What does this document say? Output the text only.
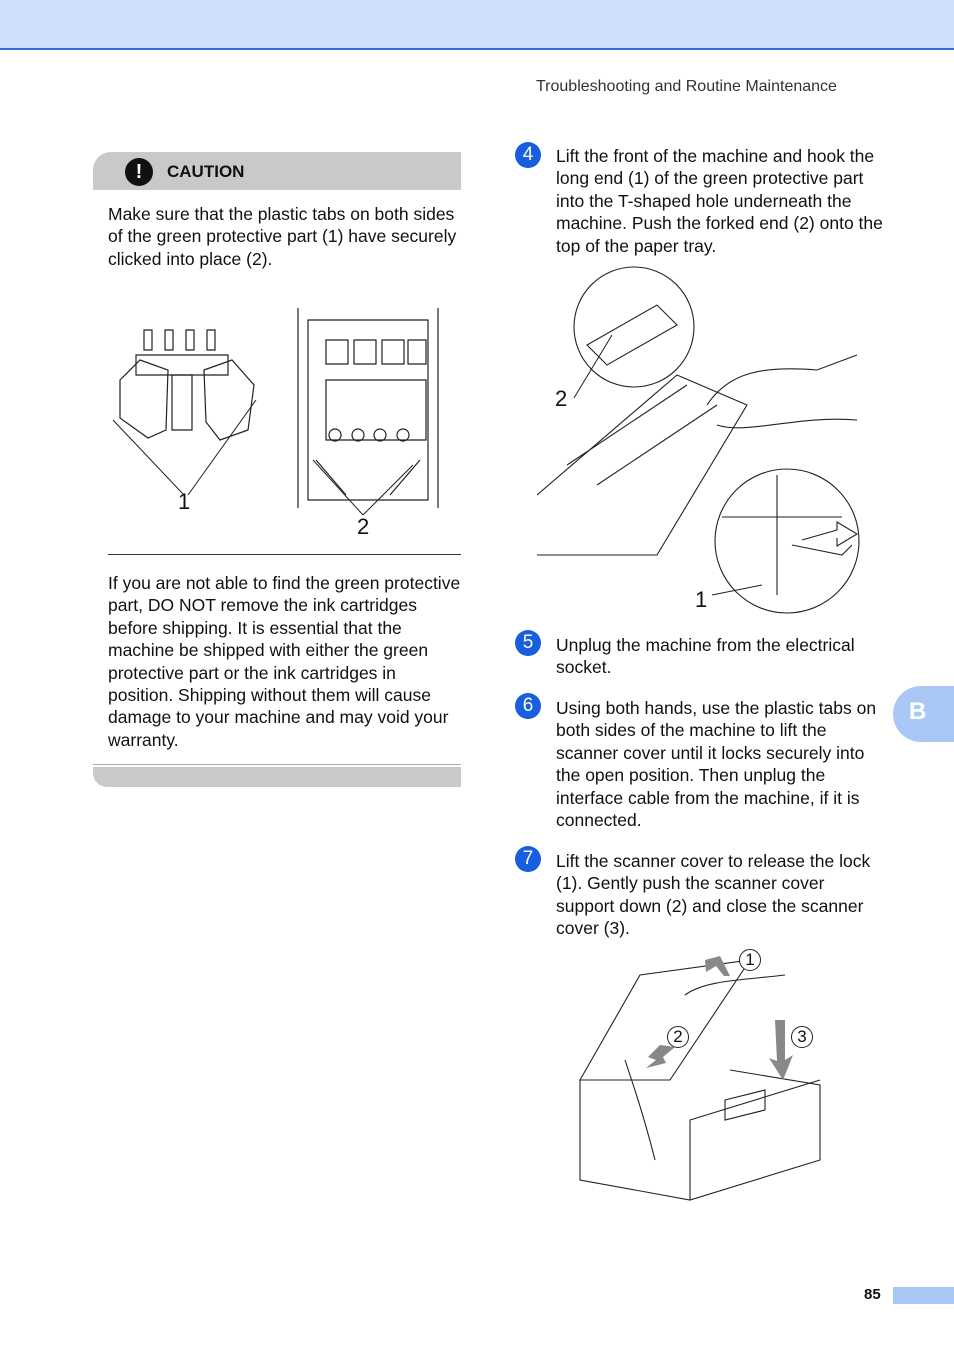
Troubleshooting and Routine Maintenance
!	CAUTION
Make sure that the plastic tabs on both sides of the green protective part (1) have securely clicked into place (2).
1
2
If you are not able to find the green protective part, DO NOT remove the ink cartridges before shipping. It is essential that the machine be shipped with either the green protective part or the ink cartridges in position. Shipping without them will cause damage to your machine and may void your warranty.
4	Lift the front of the machine and hook the long end (1) of the green protective part into the T-shaped hole underneath the machine. Push the forked end (2) onto the top of the paper tray.
2
1
5	Unplug the machine from the electrical socket.
6	Using both hands, use the plastic tabs on both sides of the machine to lift the scanner cover until it locks securely into the open position. Then unplug the interface cable from the machine, if it is connected.
7	Lift the scanner cover to release the lock (1). Gently push the scanner cover support down (2) and close the scanner cover (3).
1
2	3
B
85
